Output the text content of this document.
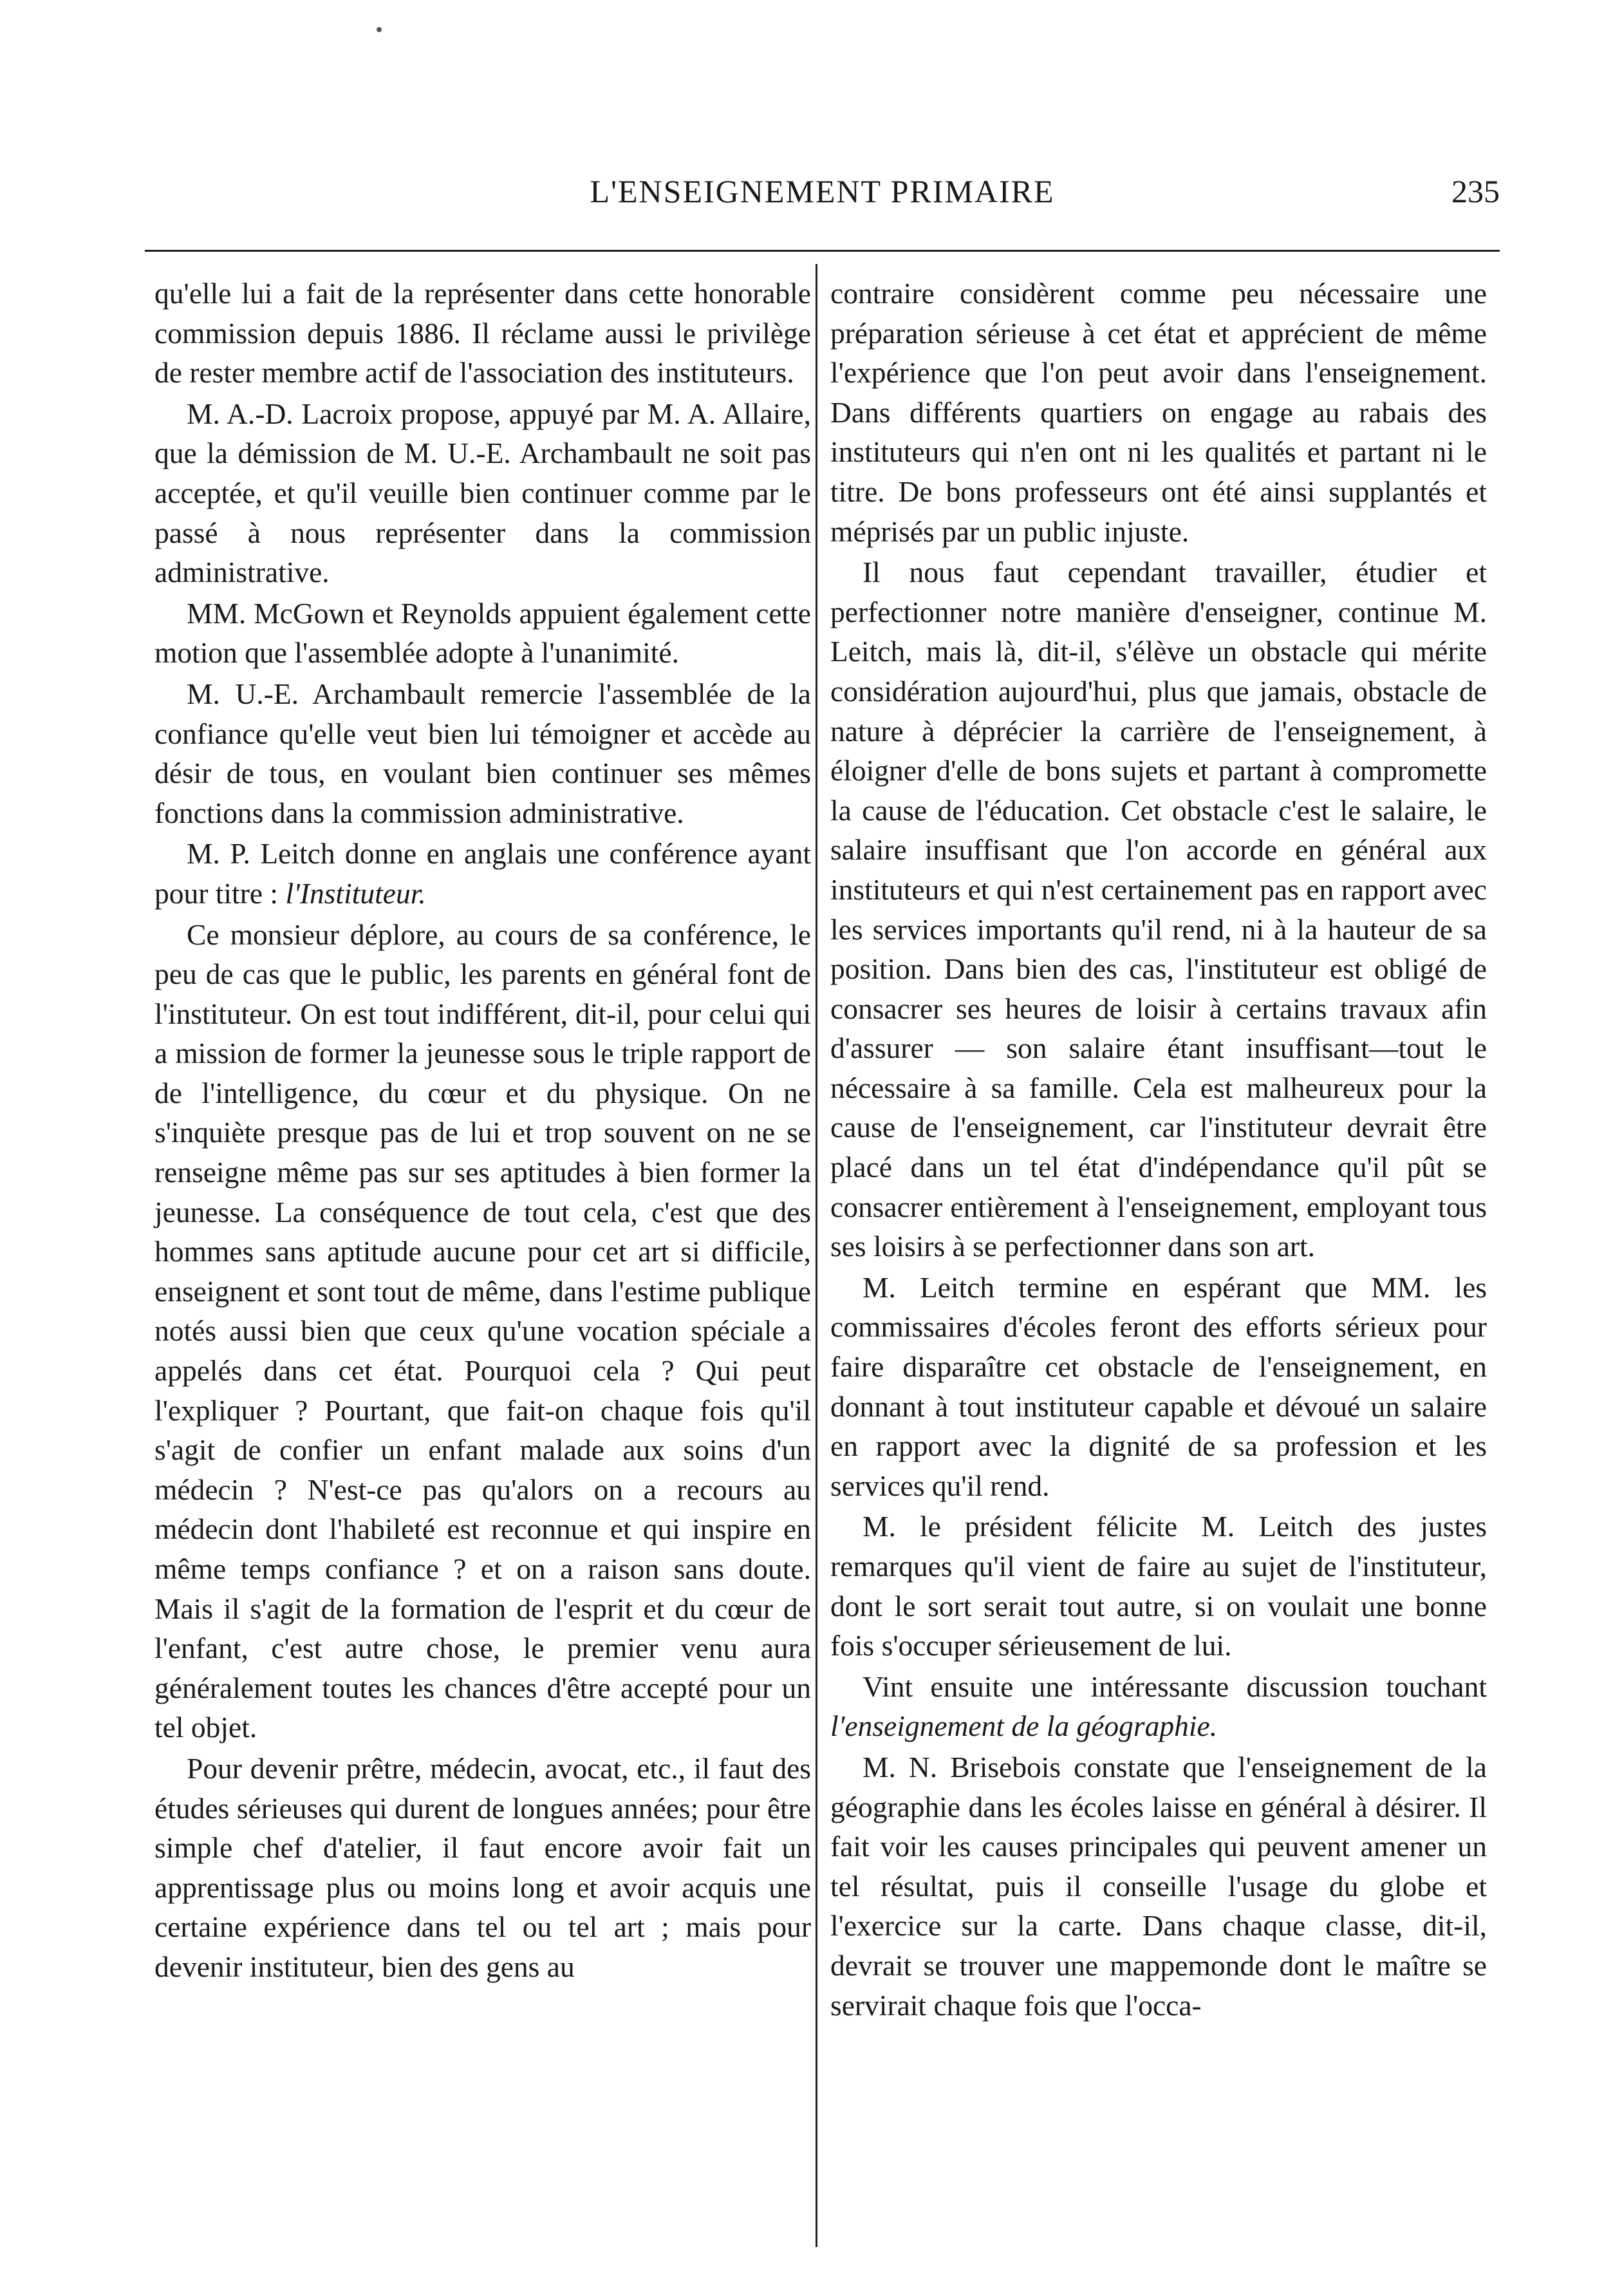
L'ENSEIGNEMENT PRIMAIRE	235

qu'elle lui a fait de la représenter dans cette honorable commission depuis 1886. Il réclame aussi le privilège de rester membre actif de l'association des instituteurs.

M. A.-D. Lacroix propose, appuyé par M. A. Allaire, que la démission de M. U.-E. Archambault ne soit pas acceptée, et qu'il veuille bien continuer comme par le passé à nous représenter dans la commission administrative.

MM. McGown et Reynolds appuient également cette motion que l'assemblée adopte à l'unanimité.

M. U.-E. Archambault remercie l'assemblée de la confiance qu'elle veut bien lui témoigner et accède au désir de tous, en voulant bien continuer ses mêmes fonctions dans la commission administrative.

M. P. Leitch donne en anglais une conférence ayant pour titre : l'Instituteur.

Ce monsieur déplore, au cours de sa conférence, le peu de cas que le public, les parents en général font de l'instituteur. On est tout indifférent, dit-il, pour celui qui a mission de former la jeunesse sous le triple rapport de de l'intelligence, du cœur et du physique. On ne s'inquiète presque pas de lui et trop souvent on ne se renseigne même pas sur ses aptitudes à bien former la jeunesse. La conséquence de tout cela, c'est que des hommes sans aptitude aucune pour cet art si difficile, enseignent et sont tout de même, dans l'estime publique notés aussi bien que ceux qu'une vocation spéciale a appelés dans cet état. Pourquoi cela ? Qui peut l'expliquer ? Pourtant, que fait-on chaque fois qu'il s'agit de confier un enfant malade aux soins d'un médecin ? N'est-ce pas qu'alors on a recours au médecin dont l'habileté est reconnue et qui inspire en même temps confiance ? et on a raison sans doute. Mais il s'agit de la formation de l'esprit et du cœur de l'enfant, c'est autre chose, le premier venu aura généralement toutes les chances d'être accepté pour un tel objet.

Pour devenir prêtre, médecin, avocat, etc., il faut des études sérieuses qui durent de longues années; pour être simple chef d'atelier, il faut encore avoir fait un apprentissage plus ou moins long et avoir acquis une certaine expérience dans tel ou tel art ; mais pour devenir instituteur, bien des gens au

contraire considèrent comme peu nécessaire une préparation sérieuse à cet état et apprécient de même l'expérience que l'on peut avoir dans l'enseignement. Dans différents quartiers on engage au rabais des instituteurs qui n'en ont ni les qualités et partant ni le titre. De bons professeurs ont été ainsi supplantés et méprisés par un public injuste.

Il nous faut cependant travailler, étudier et perfectionner notre manière d'enseigner, continue M. Leitch, mais là, dit-il, s'élève un obstacle qui mérite considération aujourd'hui, plus que jamais, obstacle de nature à déprécier la carrière de l'enseignement, à éloigner d'elle de bons sujets et partant à compromette la cause de l'éducation. Cet obstacle c'est le salaire, le salaire insuffisant que l'on accorde en général aux instituteurs et qui n'est certainement pas en rapport avec les services importants qu'il rend, ni à la hauteur de sa position. Dans bien des cas, l'instituteur est obligé de consacrer ses heures de loisir à certains travaux afin d'assurer — son salaire étant insuffisant—tout le nécessaire à sa famille. Cela est malheureux pour la cause de l'enseignement, car l'instituteur devrait être placé dans un tel état d'indépendance qu'il pût se consacrer entièrement à l'enseignement, employant tous ses loisirs à se perfectionner dans son art.

M. Leitch termine en espérant que MM. les commissaires d'écoles feront des efforts sérieux pour faire disparaître cet obstacle de l'enseignement, en donnant à tout instituteur capable et dévoué un salaire en rapport avec la dignité de sa profession et les services qu'il rend.

M. le président félicite M. Leitch des justes remarques qu'il vient de faire au sujet de l'instituteur, dont le sort serait tout autre, si on voulait une bonne fois s'occuper sérieusement de lui.

Vint ensuite une intéressante discussion touchant l'enseignement de la géographie.

M. N. Brisebois constate que l'enseignement de la géographie dans les écoles laisse en général à désirer. Il fait voir les causes principales qui peuvent amener un tel résultat, puis il conseille l'usage du globe et l'exercice sur la carte. Dans chaque classe, dit-il, devrait se trouver une mappemonde dont le maître se servirait chaque fois que l'occa-
